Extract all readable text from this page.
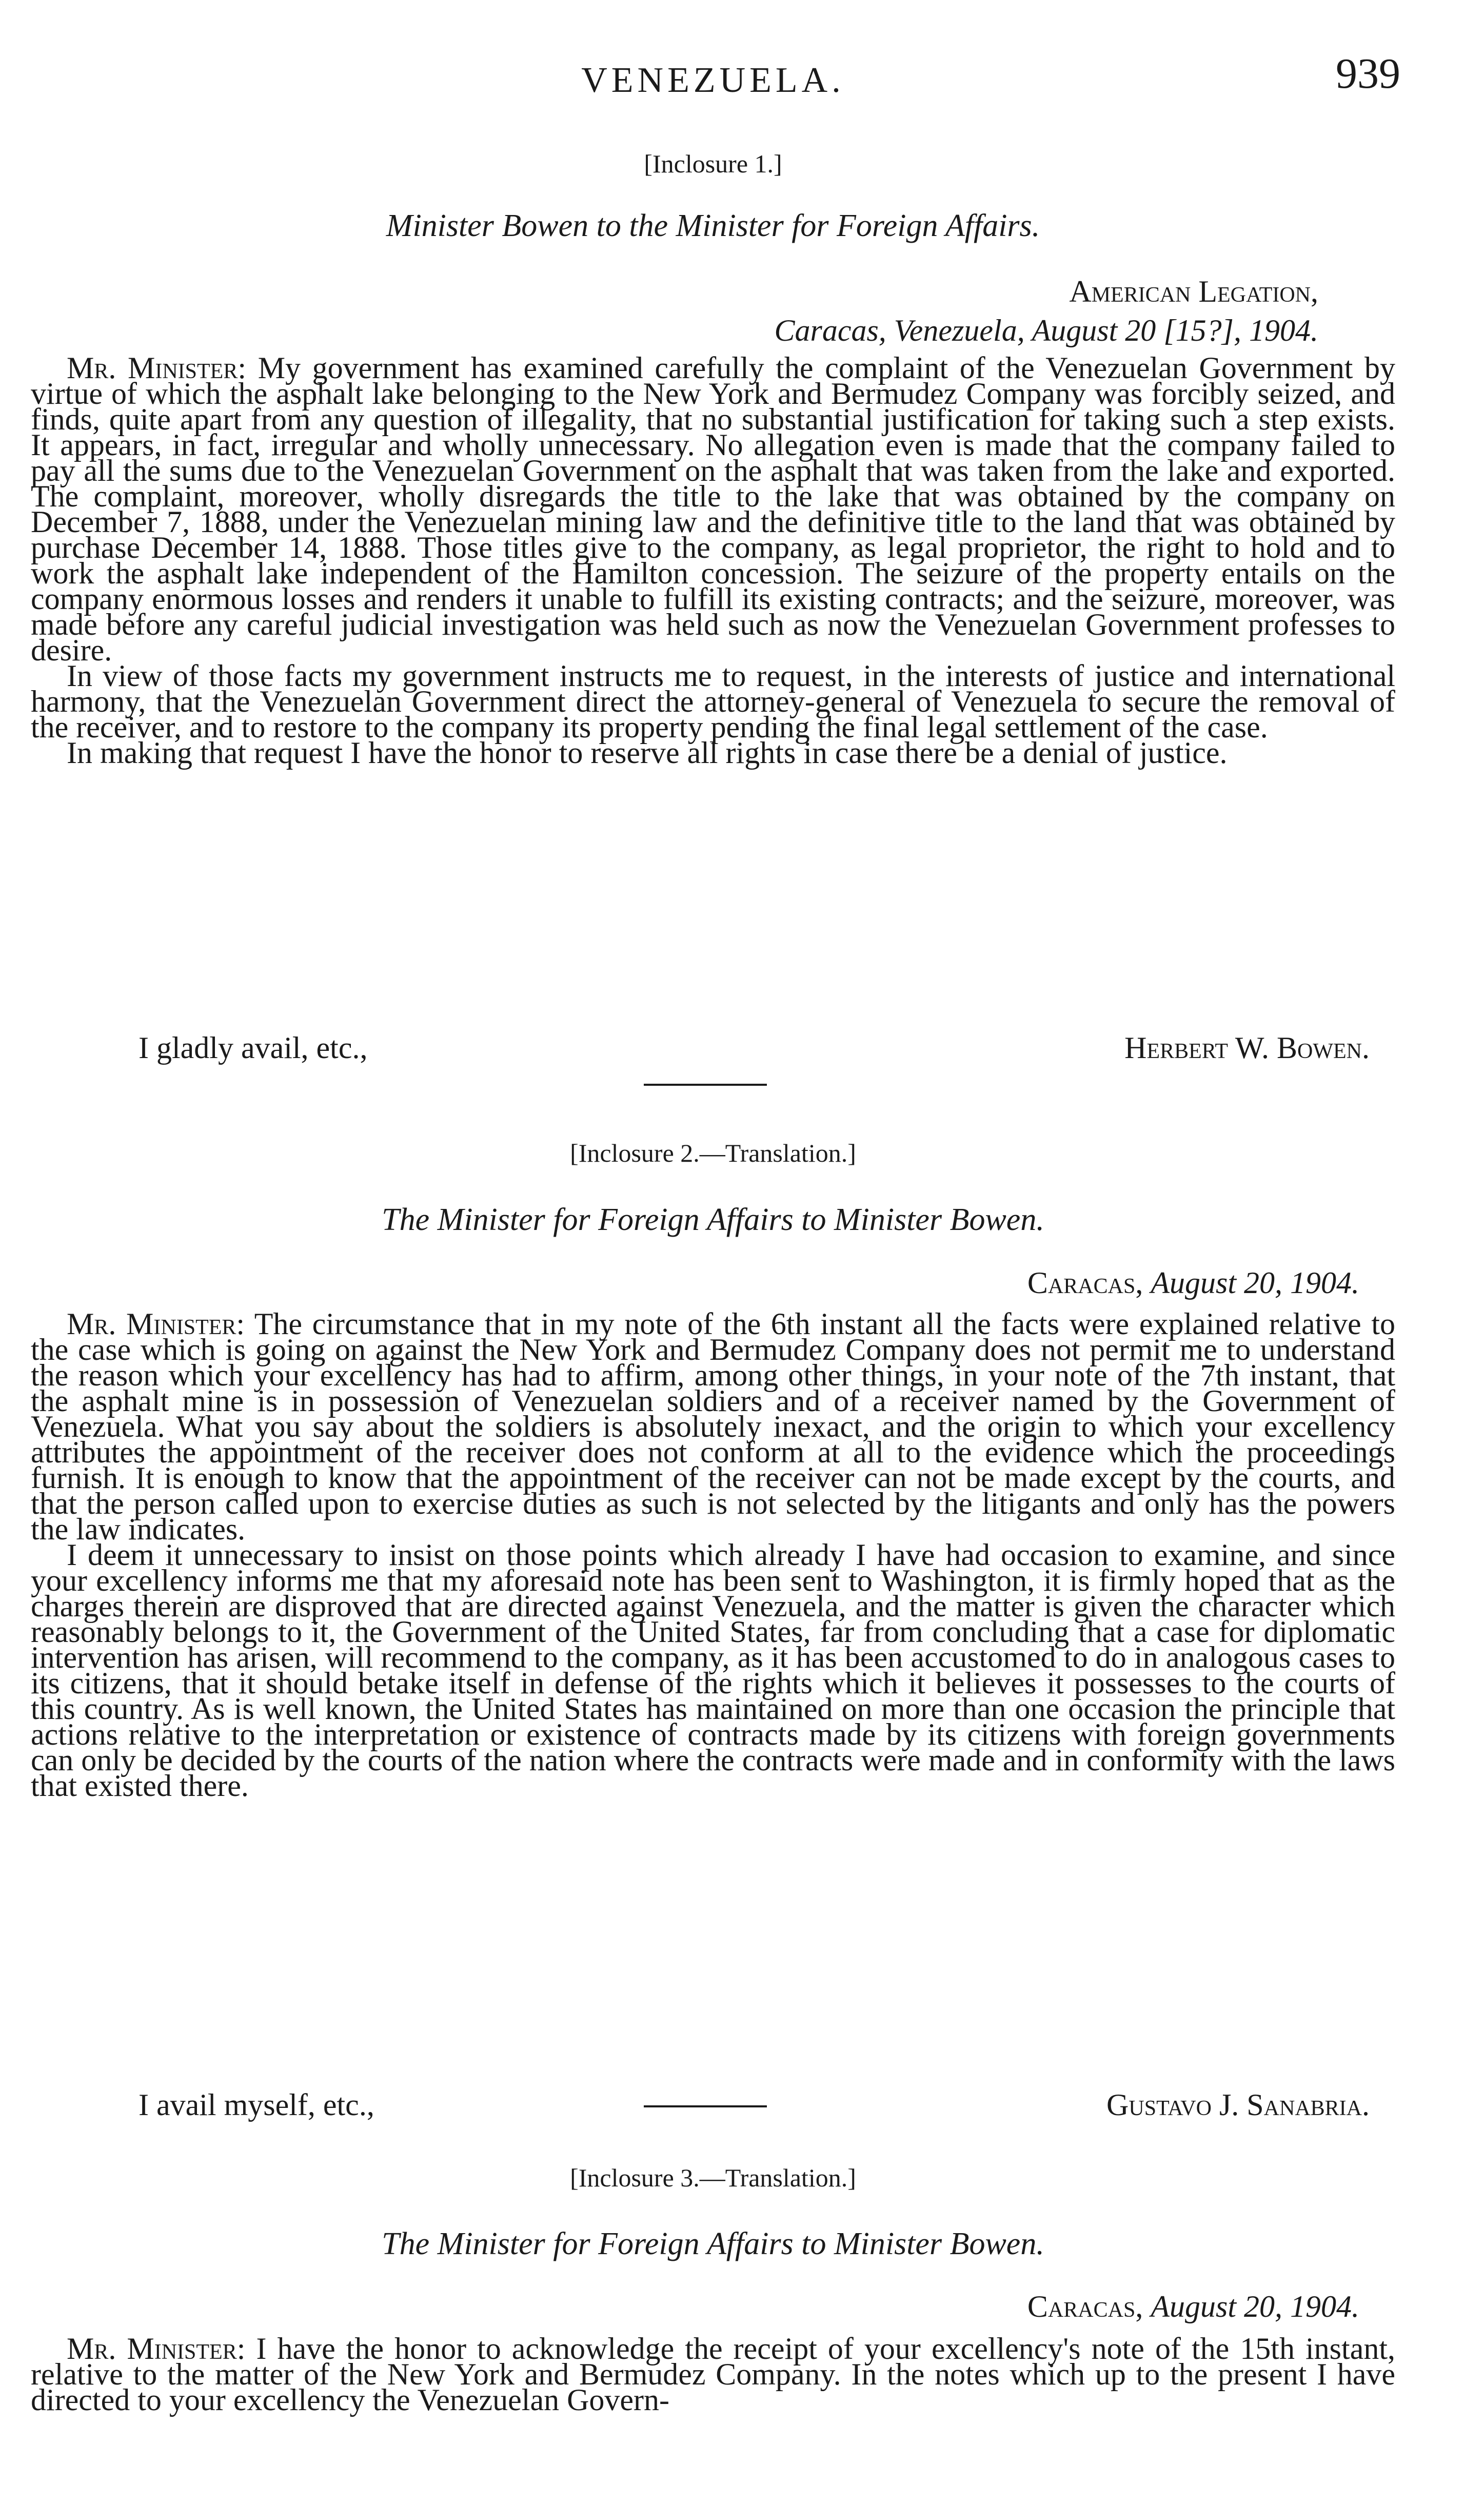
VENEZUELA.	939
[Inclosure 1.]
Minister Bowen to the Minister for Foreign Affairs.
American Legation,
Caracas, Venezuela, August 20 [15?], 1904.

Mr. Minister: My government has examined carefully the complaint of the Venezuelan Government by virtue of which the asphalt lake belonging to the New York and Bermudez Company was forcibly seized, and finds, quite apart from any question of illegality, that no substantial justification for taking such a step exists. It appears, in fact, irregular and wholly unnecessary. No allegation even is made that the company failed to pay all the sums due to the Venezuelan Government on the asphalt that was taken from the lake and exported. The complaint, moreover, wholly disregards the title to the lake that was obtained by the company on December 7, 1888, under the Venezuelan mining law and the definitive title to the land that was obtained by purchase December 14, 1888. Those titles give to the company, as legal proprietor, the right to hold and to work the asphalt lake independent of the Hamilton concession. The seizure of the property entails on the company enormous losses and renders it unable to fulfill its existing contracts; and the seizure, moreover, was made before any careful judicial investigation was held such as now the Venezuelan Government professes to desire.

In view of those facts my government instructs me to request, in the interests of justice and international harmony, that the Venezuelan Government direct the attorney-general of Venezuela to secure the removal of the receiver, and to restore to the company its property pending the final legal settlement of the case.

In making that request I have the honor to reserve all rights in case there be a denial of justice.

I gladly avail, etc.,	Herbert W. Bowen.
[Inclosure 2.—Translation.]
The Minister for Foreign Affairs to Minister Bowen.
Caracas, August 20, 1904.

Mr. Minister: The circumstance that in my note of the 6th instant all the facts were explained relative to the case which is going on against the New York and Bermudez Company does not permit me to understand the reason which your excellency has had to affirm, among other things, in your note of the 7th instant, that the asphalt mine is in possession of Venezuelan soldiers and of a receiver named by the Government of Venezuela. What you say about the soldiers is absolutely inexact, and the origin to which your excellency attributes the appointment of the receiver does not conform at all to the evidence which the proceedings furnish. It is enough to know that the appointment of the receiver can not be made except by the courts, and that the person called upon to exercise duties as such is not selected by the litigants and only has the powers the law indicates.

I deem it unnecessary to insist on those points which already I have had occasion to examine, and since your excellency informs me that my aforesaid note has been sent to Washington, it is firmly hoped that as the charges therein are disproved that are directed against Venezuela, and the matter is given the character which reasonably belongs to it, the Government of the United States, far from concluding that a case for diplomatic intervention has arisen, will recommend to the company, as it has been accustomed to do in analogous cases to its citizens, that it should betake itself in defense of the rights which it believes it possesses to the courts of this country. As is well known, the United States has maintained on more than one occasion the principle that actions relative to the interpretation or existence of contracts made by its citizens with foreign governments can only be decided by the courts of the nation where the contracts were made and in conformity with the laws that existed there.

I avail myself, etc.,	Gustavo J. Sanabria.
[Inclosure 3.—Translation.]
The Minister for Foreign Affairs to Minister Bowen.
Caracas, August 20, 1904.

Mr. Minister: I have the honor to acknowledge the receipt of your excellency's note of the 15th instant, relative to the matter of the New York and Bermudez Company. In the notes which up to the present I have directed to your excellency the Venezuelan Govern-
